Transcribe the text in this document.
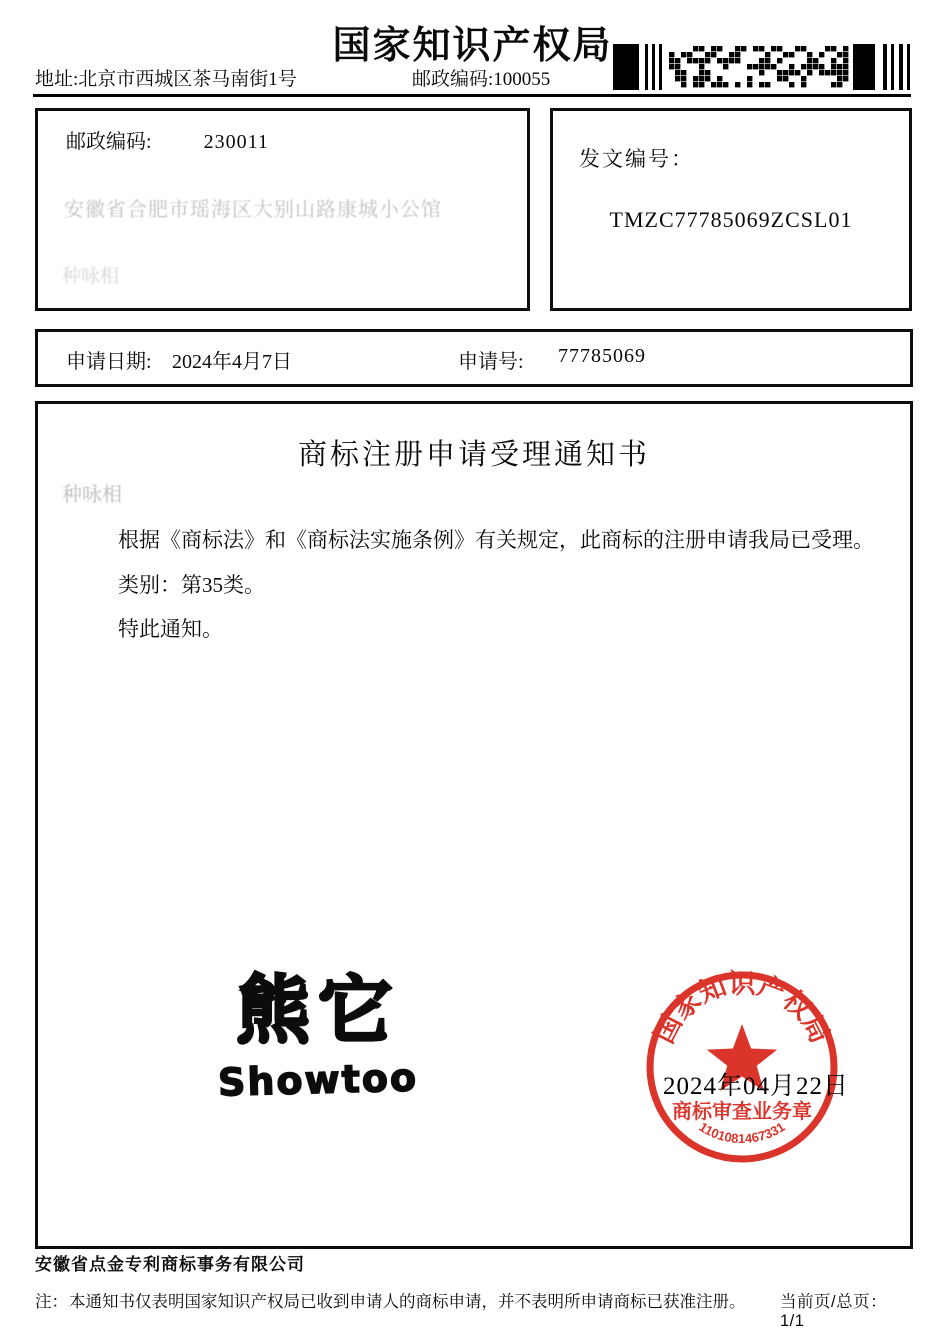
国家知识产权局
地址:北京市西城区茶马南街1号	邮政编码:100055
邮政编码:	230011
安徽省合肥市瑶海区大别山路康城小公馆
种咏相
发文编号：
TMZC77785069ZCSL01
申请日期: 2024年4月7日	申请号: 77785069
商标注册申请受理通知书
种咏相
根据《商标法》和《商标法实施条例》有关规定，此商标的注册申请我局已受理。
类别：第35类。
特此通知。
熊它
Showtoo
国家知识产权局
商标审查业务章
1101081467331
2024年04月22日
安徽省点金专利商标事务有限公司
注： 本通知书仅表明国家知识产权局已收到申请人的商标申请，并不表明所申请商标已获准注册。 当前页/总页：1/1
